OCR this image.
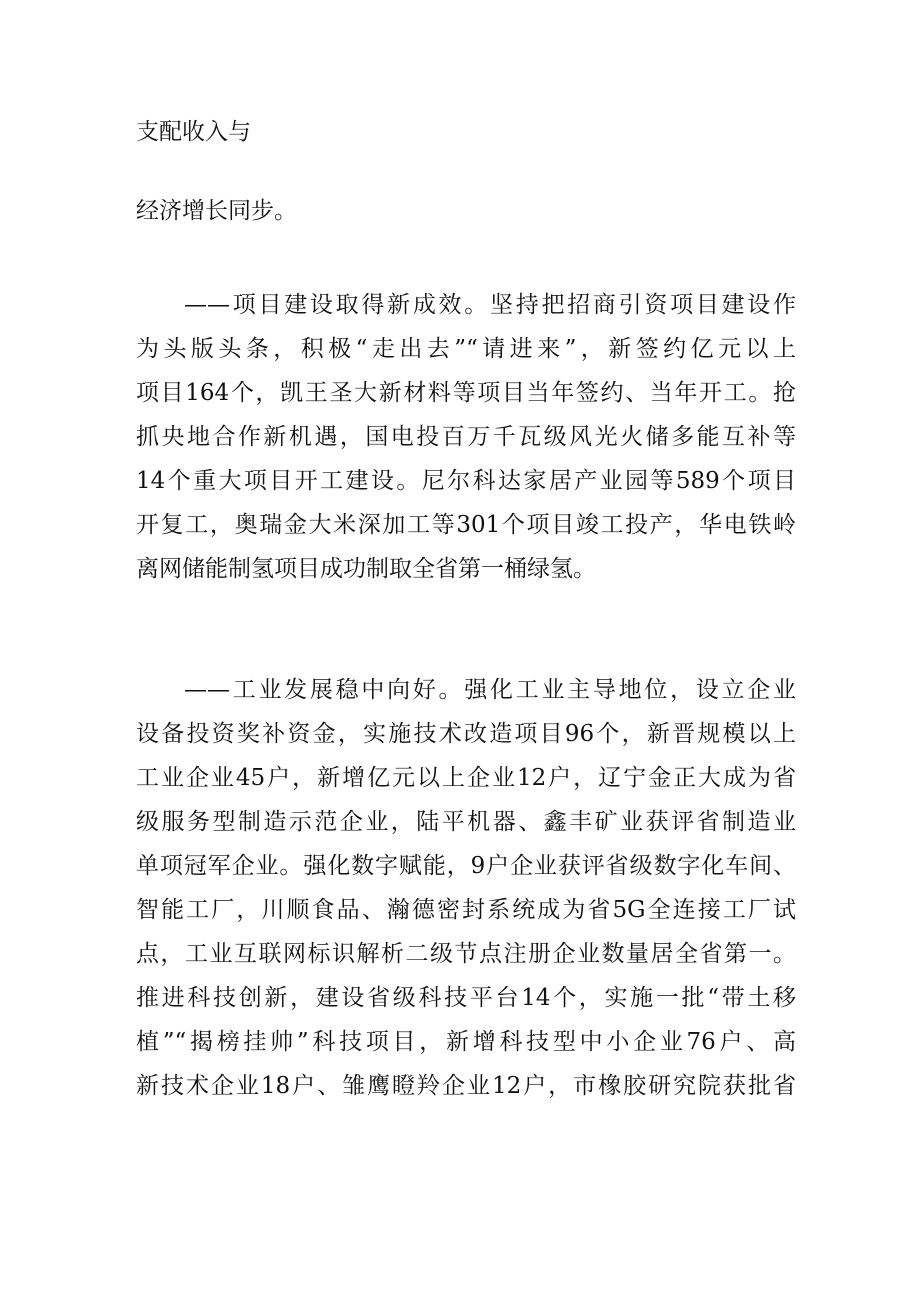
支配收入与
经济增长同步。
——项目建设取得新成效。坚持把招商引资项目建设作
为头版头条，积极“走出去”“请进来”，新签约亿元以上
项目164个，凯王圣大新材料等项目当年签约、当年开工。抢
抓央地合作新机遇，国电投百万千瓦级风光火储多能互补等
14个重大项目开工建设。尼尔科达家居产业园等589个项目
开复工，奥瑞金大米深加工等301个项目竣工投产，华电铁岭
离网储能制氢项目成功制取全省第一桶绿氢。
——工业发展稳中向好。强化工业主导地位，设立企业
设备投资奖补资金，实施技术改造项目96个，新晋规模以上
工业企业45户，新增亿元以上企业12户，辽宁金正大成为省
级服务型制造示范企业，陆平机器、鑫丰矿业获评省制造业
单项冠军企业。强化数字赋能，9户企业获评省级数字化车间、
智能工厂，川顺食品、瀚德密封系统成为省5G全连接工厂试
点，工业互联网标识解析二级节点注册企业数量居全省第一。
推进科技创新，建设省级科技平台14个，实施一批“带土移
植”“揭榜挂帅”科技项目，新增科技型中小企业76户、高
新技术企业18户、雏鹰瞪羚企业12户，市橡胶研究院获批省
